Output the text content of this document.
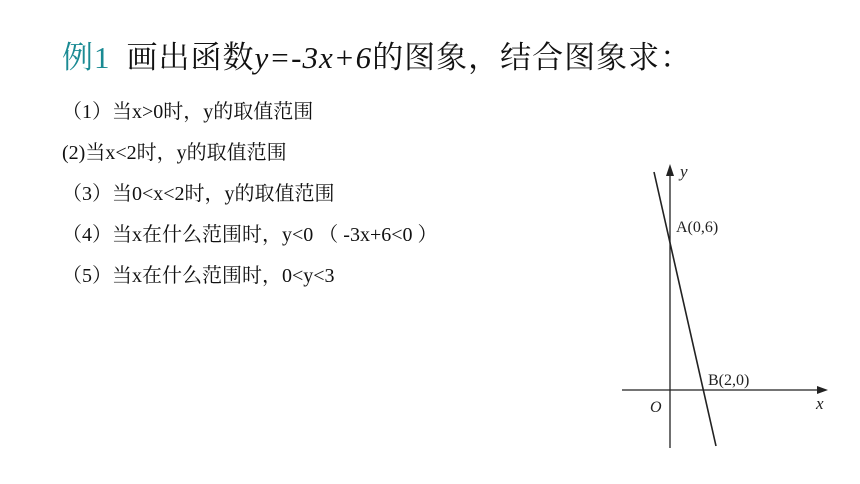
例1 画出函数y=-3x+6的图象，结合图象求：
（1）当x>0时，y的取值范围
(2)当x<2时，y的取值范围
（3）当0<x<2时，y的取值范围
（4）当x在什么范围时，y<0 （ -3x+6<0 ）
（5）当x在什么范围时，0<y<3
y
x
O
A(0,6)
B(2,0)
